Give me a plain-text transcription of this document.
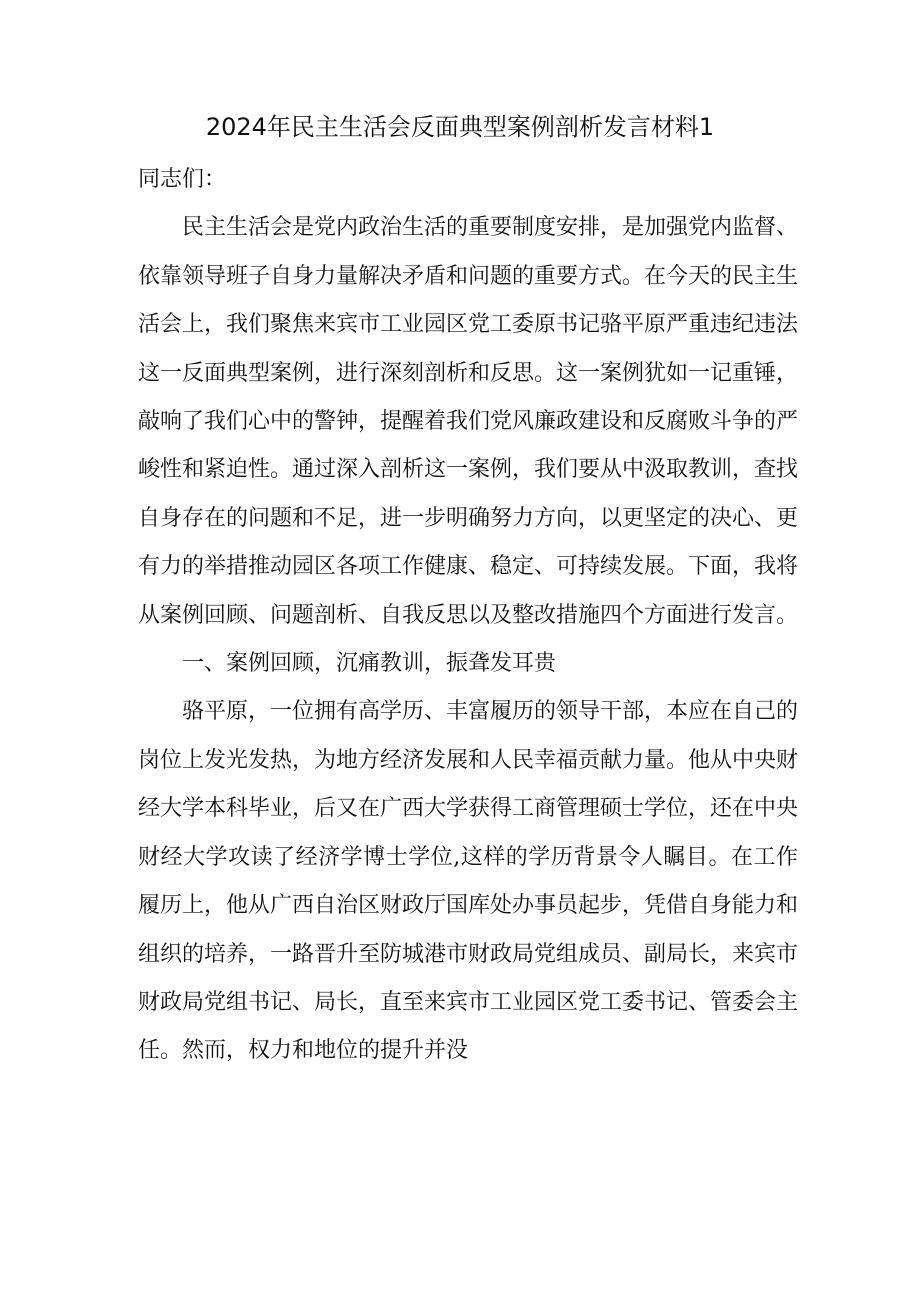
2024年民主生活会反面典型案例剖析发言材料1

同志们：

民主生活会是党内政治生活的重要制度安排，是加强党内监督、依靠领导班子自身力量解决矛盾和问题的重要方式。在今天的民主生活会上，我们聚焦来宾市工业园区党工委原书记骆平原严重违纪违法这一反面典型案例，进行深刻剖析和反思。这一案例犹如一记重锤，敲响了我们心中的警钟，提醒着我们党风廉政建设和反腐败斗争的严峻性和紧迫性。通过深入剖析这一案例，我们要从中汲取教训，查找自身存在的问题和不足，进一步明确努力方向，以更坚定的决心、更有力的举措推动园区各项工作健康、稳定、可持续发展。下面，我将从案例回顾、问题剖析、自我反思以及整改措施四个方面进行发言。

一、案例回顾，沉痛教训，振聋发耳贵

骆平原，一位拥有高学历、丰富履历的领导干部，本应在自己的岗位上发光发热，为地方经济发展和人民幸福贡献力量。他从中央财经大学本科毕业，后又在广西大学获得工商管理硕士学位，还在中央财经大学攻读了经济学博士学位,这样的学历背景令人瞩目。在工作履历上，他从广西自治区财政厅国库处办事员起步，凭借自身能力和组织的培养，一路晋升至防城港市财政局党组成员、副局长，来宾市财政局党组书记、局长，直至来宾市工业园区党工委书记、管委会主任。然而，权力和地位的提升并没
